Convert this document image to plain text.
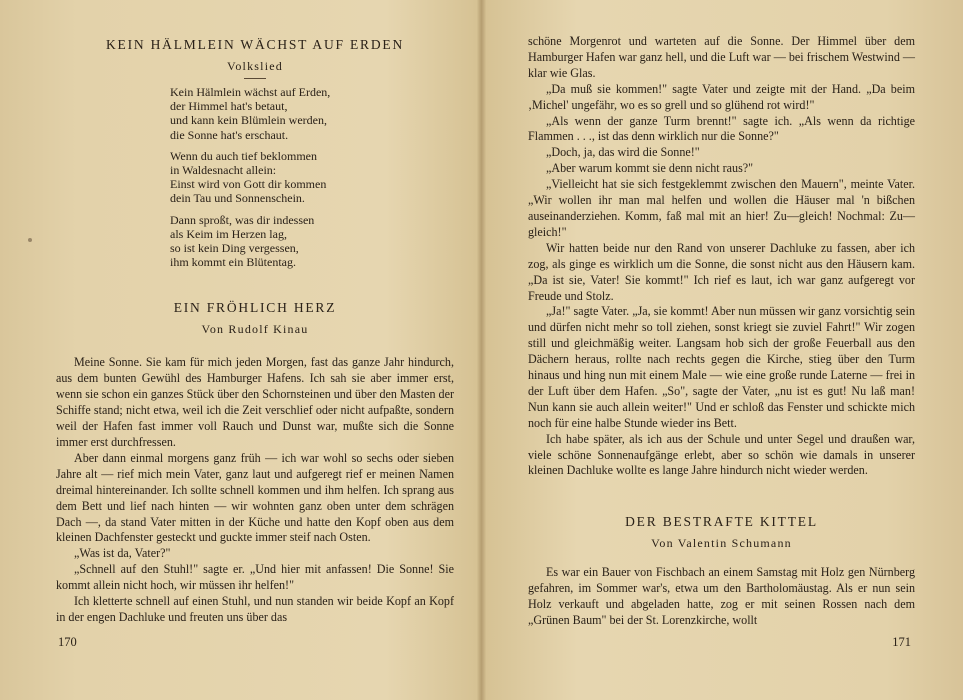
KEIN HÄLMLEIN WÄCHST AUF ERDEN
Volkslied
Kein Hälmlein wächst auf Erden,
der Himmel hat's betaut,
und kann kein Blümlein werden,
die Sonne hat's erschaut.
Wenn du auch tief beklommen
in Waldesnacht allein:
Einst wird von Gott dir kommen
dein Tau und Sonnenschein.
Dann sproßt, was dir indessen
als Keim im Herzen lag,
so ist kein Ding vergessen,
ihm kommt ein Blütentag.
EIN FRÖHLICH HERZ
Von Rudolf Kinau

Meine Sonne. Sie kam für mich jeden Morgen, fast das ganze Jahr hindurch, aus dem bunten Gewühl des Hamburger Hafens. Ich sah sie aber immer erst, wenn sie schon ein ganzes Stück über den Schornsteinen und über den Masten der Schiffe stand; nicht etwa, weil ich die Zeit verschlief oder nicht aufpaßte, sondern weil der Hafen fast immer voll Rauch und Dunst war, mußte sich die Sonne immer erst durchfressen.

Aber dann einmal morgens ganz früh — ich war wohl so sechs oder sieben Jahre alt — rief mich mein Vater, ganz laut und aufgeregt rief er meinen Namen dreimal hintereinander. Ich sollte schnell kommen und ihm helfen. Ich sprang aus dem Bett und lief nach hinten — wir wohnten ganz oben unter dem schrägen Dach —, da stand Vater mitten in der Küche und hatte den Kopf oben aus dem kleinen Dachfenster gesteckt und guckte immer steif nach Osten.

„Was ist da, Vater?"

„Schnell auf den Stuhl!" sagte er. „Und hier mit anfassen! Die Sonne! Sie kommt allein nicht hoch, wir müssen ihr helfen!"

Ich kletterte schnell auf einen Stuhl, und nun standen wir beide Kopf an Kopf in der engen Dachluke und freuten uns über das

170

schöne Morgenrot und warteten auf die Sonne. Der Himmel über dem Hamburger Hafen war ganz hell, und die Luft war — bei frischem Westwind — klar wie Glas.

„Da muß sie kommen!" sagte Vater und zeigte mit der Hand. „Da beim ‚Michel' ungefähr, wo es so grell und so glühend rot wird!"

„Als wenn der ganze Turm brennt!" sagte ich. „Als wenn da richtige Flammen . . ., ist das denn wirklich nur die Sonne?"

„Doch, ja, das wird die Sonne!"

„Aber warum kommt sie denn nicht raus?"

„Vielleicht hat sie sich festgeklemmt zwischen den Mauern", meinte Vater. „Wir wollen ihr man mal helfen und wollen die Häuser mal 'n bißchen auseinanderziehen. Komm, faß mal mit an hier! Zu—gleich! Nochmal: Zu—gleich!"

Wir hatten beide nur den Rand von unserer Dachluke zu fassen, aber ich zog, als ginge es wirklich um die Sonne, die sonst nicht aus den Häusern kam. „Da ist sie, Vater! Sie kommt!" Ich rief es laut, ich war ganz aufgeregt vor Freude und Stolz.

„Ja!" sagte Vater. „Ja, sie kommt! Aber nun müssen wir ganz vorsichtig sein und dürfen nicht mehr so toll ziehen, sonst kriegt sie zuviel Fahrt!" Wir zogen still und gleichmäßig weiter. Langsam hob sich der große Feuerball aus den Dächern heraus, rollte nach rechts gegen die Kirche, stieg über den Turm hinaus und hing nun mit einem Male — wie eine große runde Laterne — frei in der Luft über dem Hafen. „So", sagte der Vater, „nu ist es gut! Nu laß man! Nun kann sie auch allein weiter!" Und er schloß das Fenster und schickte mich noch für eine halbe Stunde wieder ins Bett.

Ich habe später, als ich aus der Schule und unter Segel und draußen war, viele schöne Sonnenaufgänge erlebt, aber so schön wie damals in unserer kleinen Dachluke wollte es lange Jahre hindurch nicht wieder werden.

DER BESTRAFTE KITTEL
Von Valentin Schumann

Es war ein Bauer von Fischbach an einem Samstag mit Holz gen Nürnberg gefahren, im Sommer war's, etwa um den Bartholomäustag. Als er nun sein Holz verkauft und abgeladen hatte, zog er mit seinen Rossen nach dem „Grünen Baum" bei der St. Lorenzkirche, wollt

171
